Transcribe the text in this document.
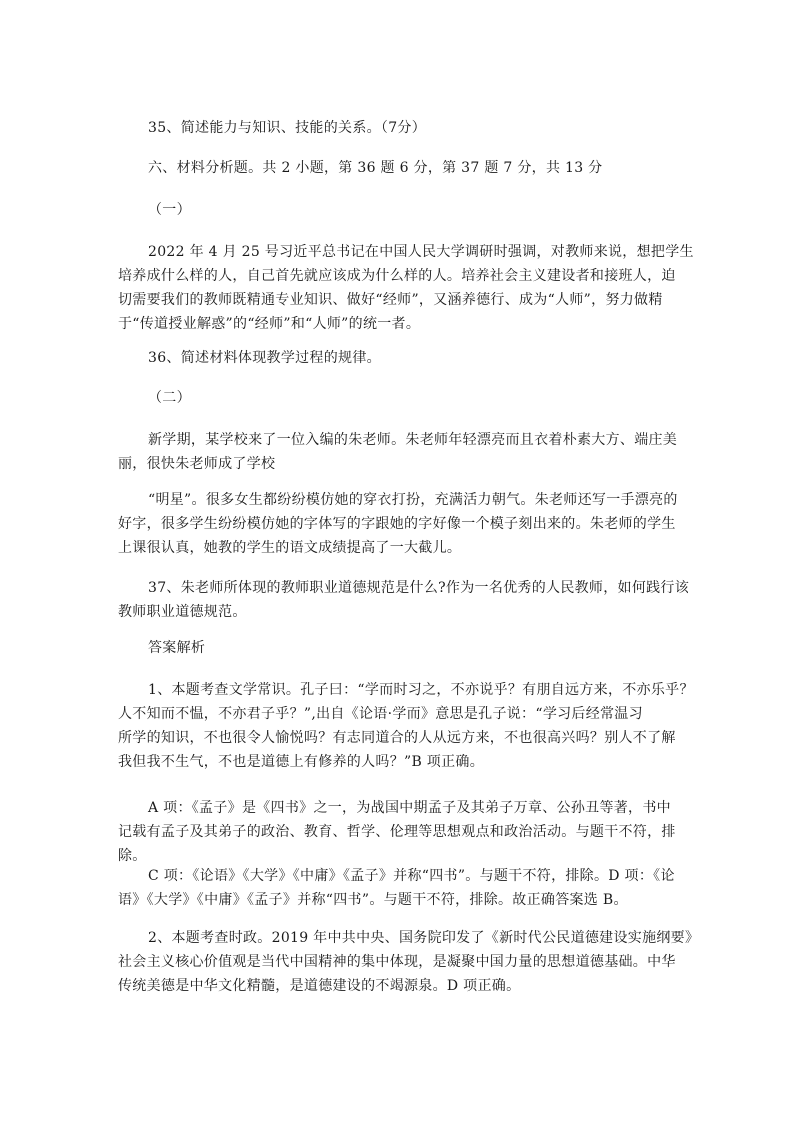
35、简述能力与知识、技能的关系。（7分）
六、材料分析题。共 2 小题，第 36 题 6 分，第 37 题 7 分，共 13 分
（一）
2022 年 4 月 25 号习近平总书记在中国人民大学调研时强调，对教师来说，想把学生
培养成什么样的人，自己首先就应该成为什么样的人。培养社会主义建设者和接班人，迫
切需要我们的教师既精通专业知识、做好“经师”，又涵养德行、成为“人师”，努力做精
于“传道授业解惑”的“经师”和“人师”的统一者。
36、简述材料体现教学过程的规律。
（二）
新学期，某学校来了一位入编的朱老师。朱老师年轻漂亮而且衣着朴素大方、端庄美
丽，很快朱老师成了学校
“明星”。很多女生都纷纷模仿她的穿衣打扮，充满活力朝气。朱老师还写一手漂亮的
好字，很多学生纷纷模仿她的字体写的字跟她的字好像一个模子刻出来的。朱老师的学生
上课很认真，她教的学生的语文成绩提高了一大截儿。
37、朱老师所体现的教师职业道德规范是什么?作为一名优秀的人民教师，如何践行该
教师职业道德规范。
答案解析
1、本题考查文学常识。孔子曰：“学而时习之，不亦说乎？有朋自远方来，不亦乐乎？
人不知而不愠，不亦君子乎？”,出自《论语·学而》意思是孔子说：“学习后经常温习
所学的知识，不也很令人愉悦吗？有志同道合的人从远方来，不也很高兴吗？别人不了解
我但我不生气，不也是道德上有修养的人吗？”B 项正确。
A 项：《孟子》是《四书》之一，为战国中期孟子及其弟子万章、公孙丑等著，书中
记载有孟子及其弟子的政治、教育、哲学、伦理等思想观点和政治活动。与题干不符，排
除。
C 项：《论语》《大学》《中庸》《孟子》并称“四书”。与题干不符，排除。D 项：《论
语》《大学》《中庸》《孟子》并称“四书”。与题干不符，排除。故正确答案选 B。
2、本题考查时政。2019 年中共中央、国务院印发了《新时代公民道德建设实施纲要》
社会主义核心价值观是当代中国精神的集中体现，是凝聚中国力量的思想道德基础。中华
传统美德是中华文化精髓，是道德建设的不竭源泉。D 项正确。
